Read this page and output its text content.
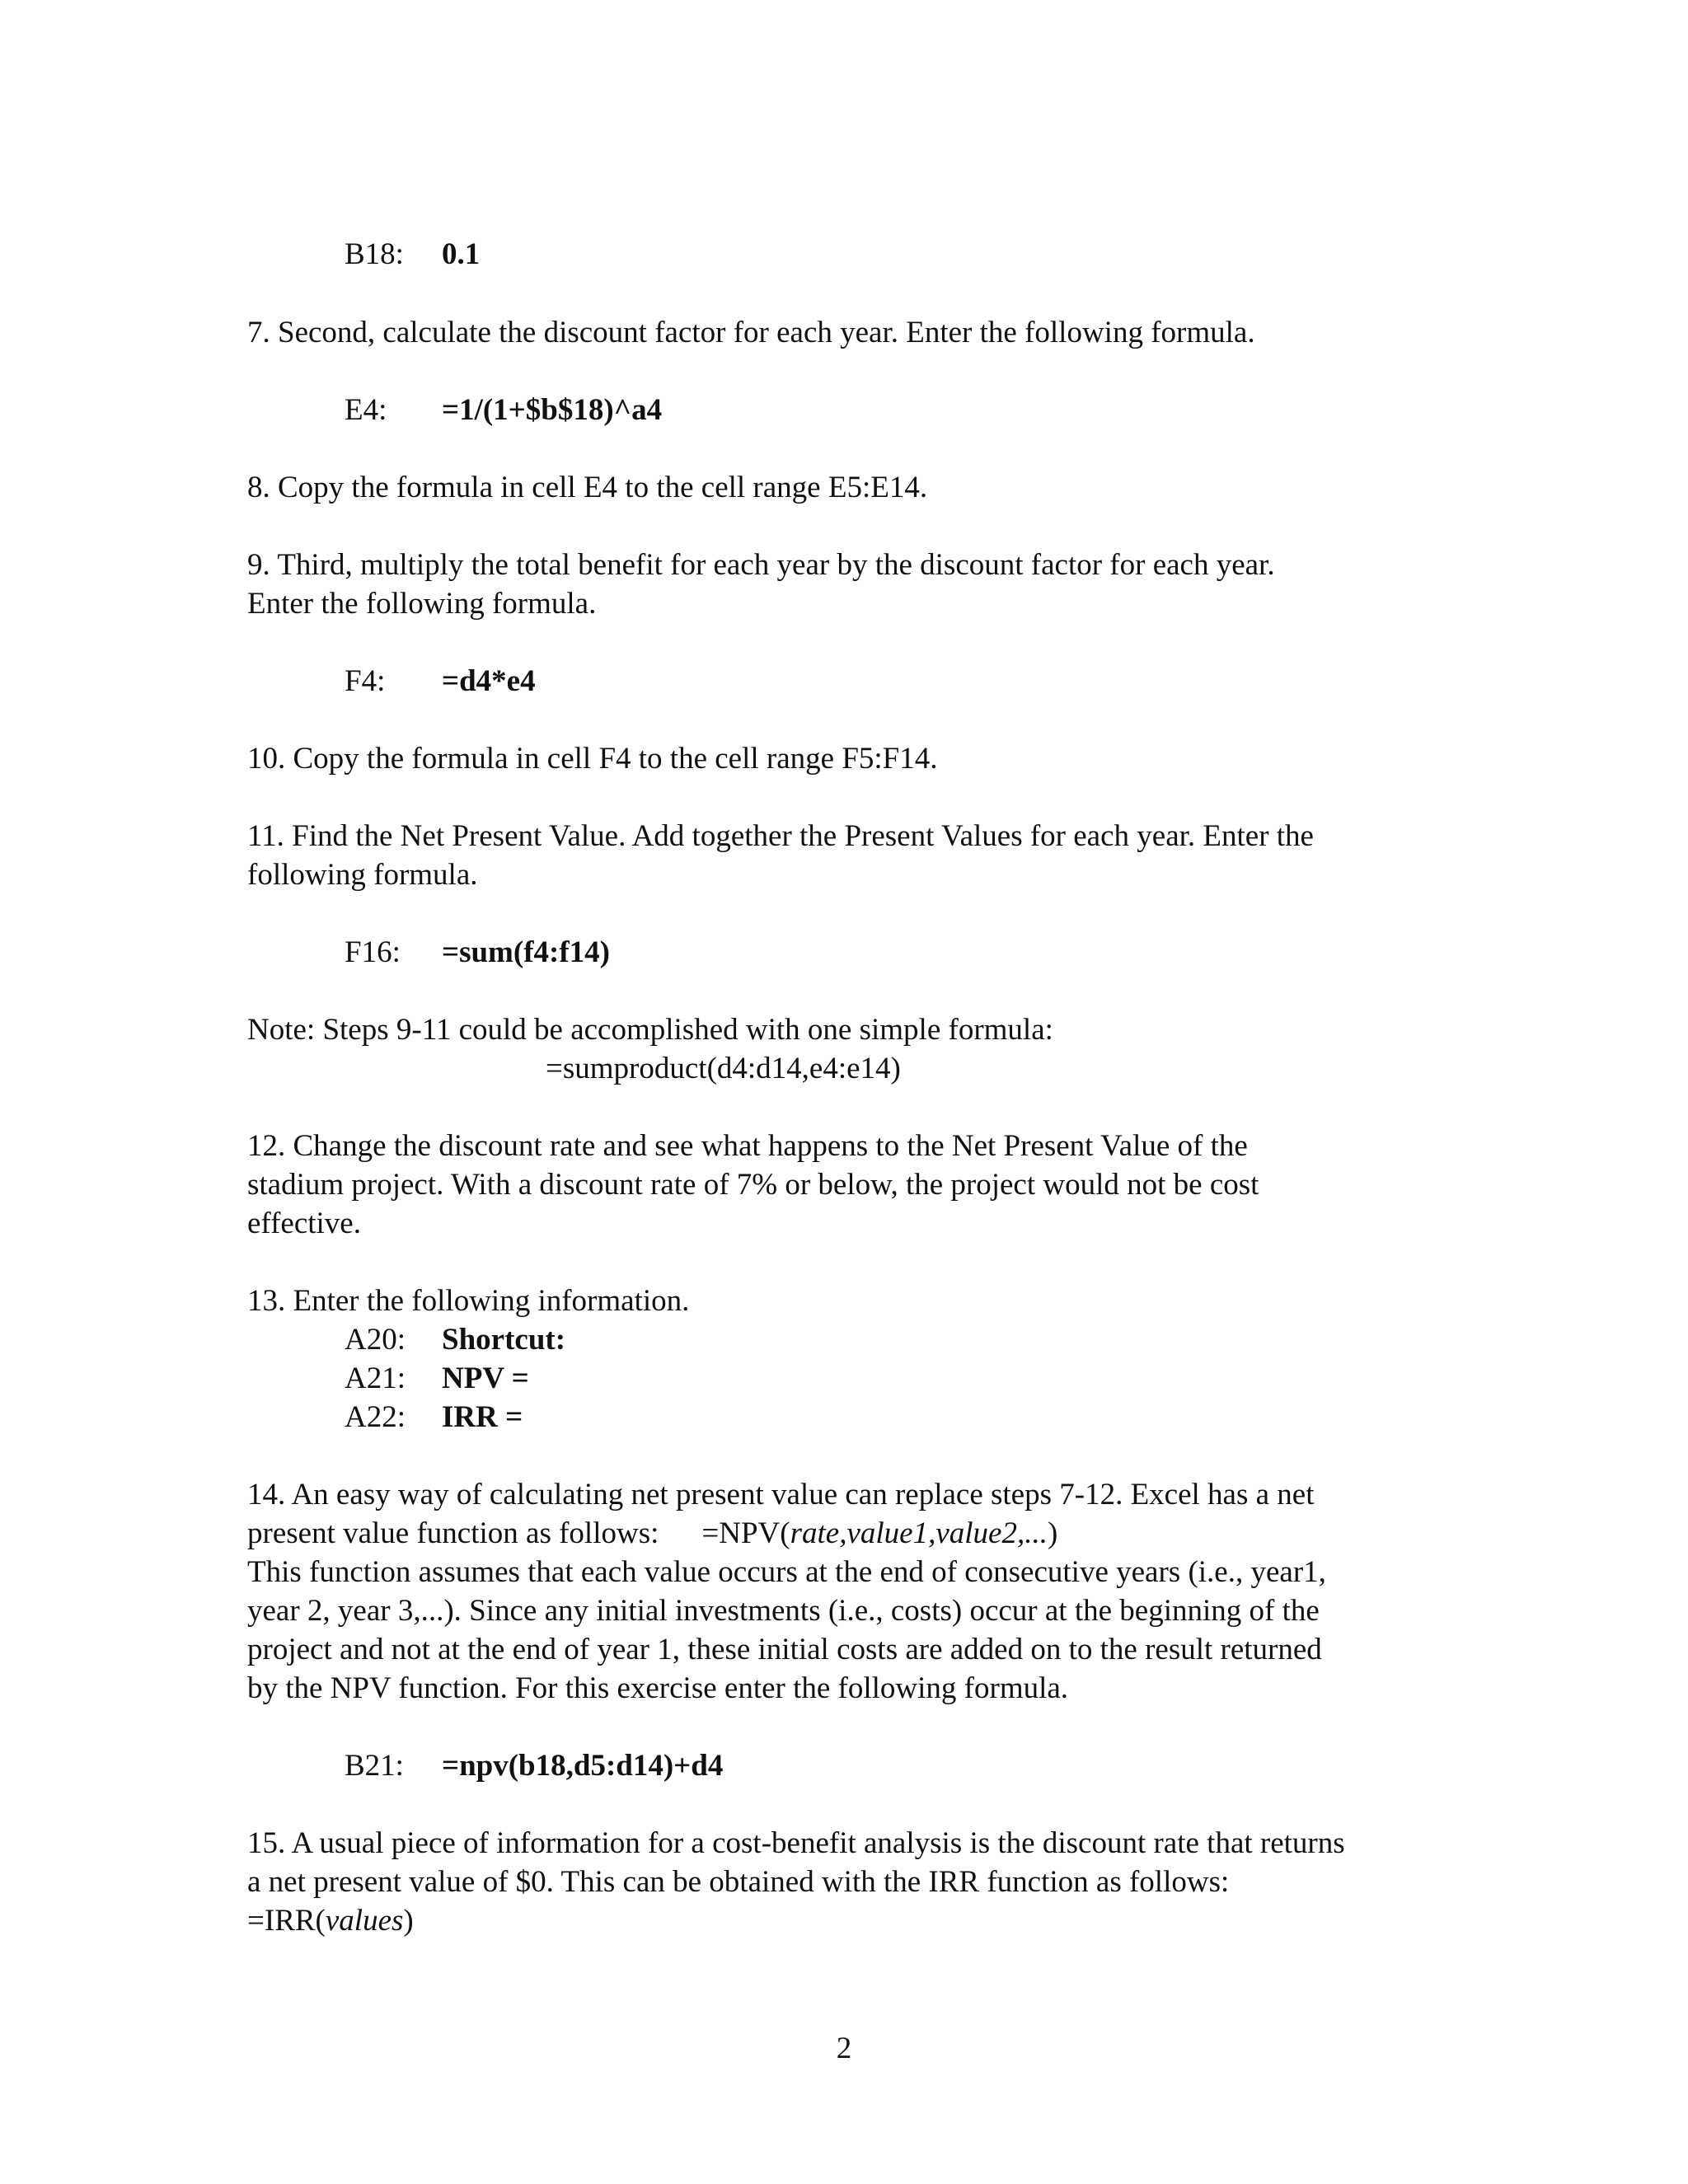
B18: 0.1

7. Second, calculate the discount factor for each year. Enter the following formula.

E4: =1/(1+$b$18)^a4

8. Copy the formula in cell E4 to the cell range E5:E14.

9. Third, multiply the total benefit for each year by the discount factor for each year.
Enter the following formula.

F4: =d4*e4

10. Copy the formula in cell F4 to the cell range F5:F14.

11. Find the Net Present Value. Add together the Present Values for each year. Enter the
following formula.

F16: =sum(f4:f14)

Note: Steps 9-11 could be accomplished with one simple formula:
=sumproduct(d4:d14,e4:e14)

12. Change the discount rate and see what happens to the Net Present Value of the
stadium project. With a discount rate of 7% or below, the project would not be cost
effective.

13. Enter the following information.

A20: Shortcut:
A21: NPV =
A22: IRR =

14. An easy way of calculating net present value can replace steps 7-12. Excel has a net
present value function as follows: =NPV(rate,value1,value2,...)
This function assumes that each value occurs at the end of consecutive years (i.e., year1,
year 2, year 3,...). Since any initial investments (i.e., costs) occur at the beginning of the
project and not at the end of year 1, these initial costs are added on to the result returned
by the NPV function. For this exercise enter the following formula.

B21: =npv(b18,d5:d14)+d4

15. A usual piece of information for a cost-benefit analysis is the discount rate that returns
a net present value of $0. This can be obtained with the IRR function as follows:
=IRR(values)

2
